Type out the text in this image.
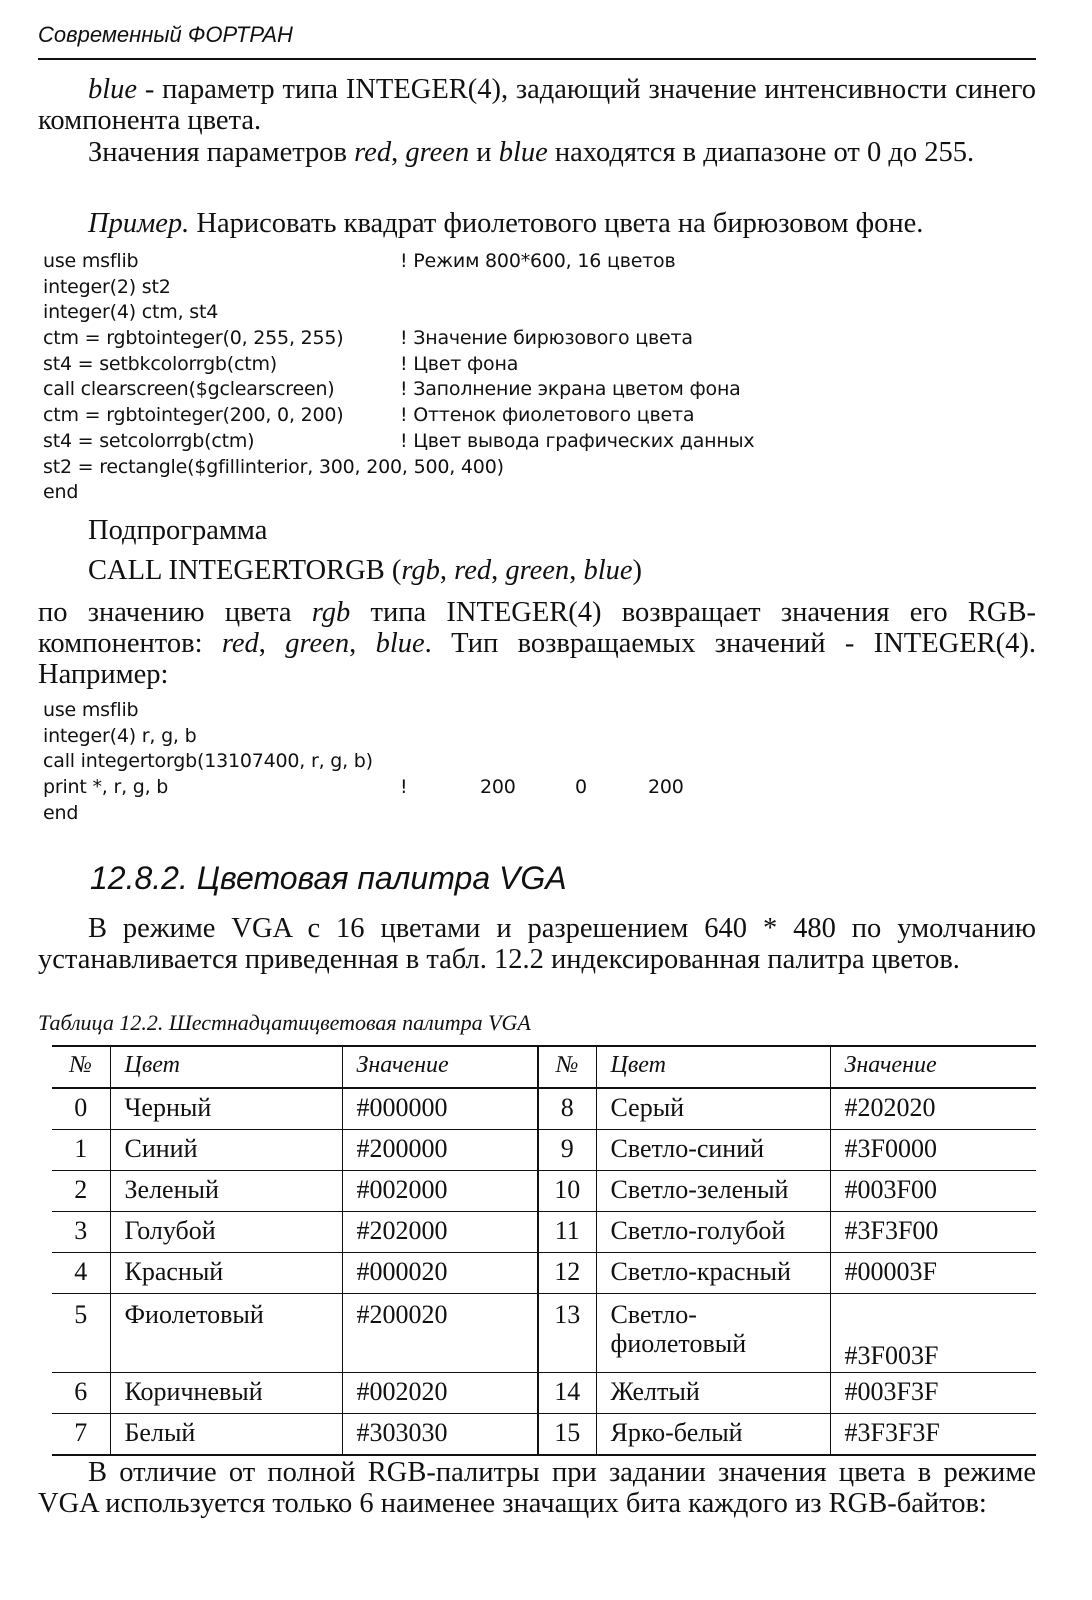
Современный ФОРТРАН

blue - параметр типа INTEGER(4), задающий значение интенсивности синего компонента цвета.

Значения параметров red, green и blue находятся в диапазоне от 0 до 255.

Пример. Нарисовать квадрат фиолетового цвета на бирюзовом фоне.

use msflib	! Режим 800*600, 16 цветов
integer(2) st2
integer(4) ctm, st4
ctm = rgbtointeger(0, 255, 255)	! Значение бирюзового цвета
st4 = setbkcolorrgb(ctm)	! Цвет фона
call clearscreen($gclearscreen)	! Заполнение экрана цветом фона
ctm = rgbtointeger(200, 0, 200)	! Оттенок фиолетового цвета
st4 = setcolorrgb(ctm)	! Цвет вывода графических данных
st2 = rectangle($gfillinterior, 300, 200, 500, 400)
end

Подпрограмма

CALL INTEGERTORGB (rgb, red, green, blue)

по значению цвета rgb типа INTEGER(4) возвращает значения его RGB-компонентов: red, green, blue. Тип возвращаемых значений - INTEGER(4). Например:

use msflib
integer(4) r, g, b
call integertorgb(13107400, r, g, b)
print *, r, g, b	!	200	0	200
end
12.8.2. Цветовая палитра VGA

В режиме VGA с 16 цветами и разрешением 640 * 480 по умолчанию устанавливается приведенная в табл. 12.2 индексированная палитра цветов.

Таблица 12.2. Шестнадцатицветовая палитра VGA
№	Цвет	Значение	№	Цвет	Значение
0	Черный	#000000	8	Серый	#202020
1	Синий	#200000	9	Светло-синий	#3F0000
2	Зеленый	#002000	10	Светло-зеленый	#003F00
3	Голубой	#202000	11	Светло-голубой	#3F3F00
4	Красный	#000020	12	Светло-красный	#00003F
5	Фиолетовый	#200020	13	Светло-фиолетовый	#3F003F
6	Коричневый	#002020	14	Желтый	#003F3F
7	Белый	#303030	15	Ярко-белый	#3F3F3F

В отличие от полной RGB-палитры при задании значения цвета в режиме VGA используется только 6 наименее значащих бита каждого из RGB-байтов:
